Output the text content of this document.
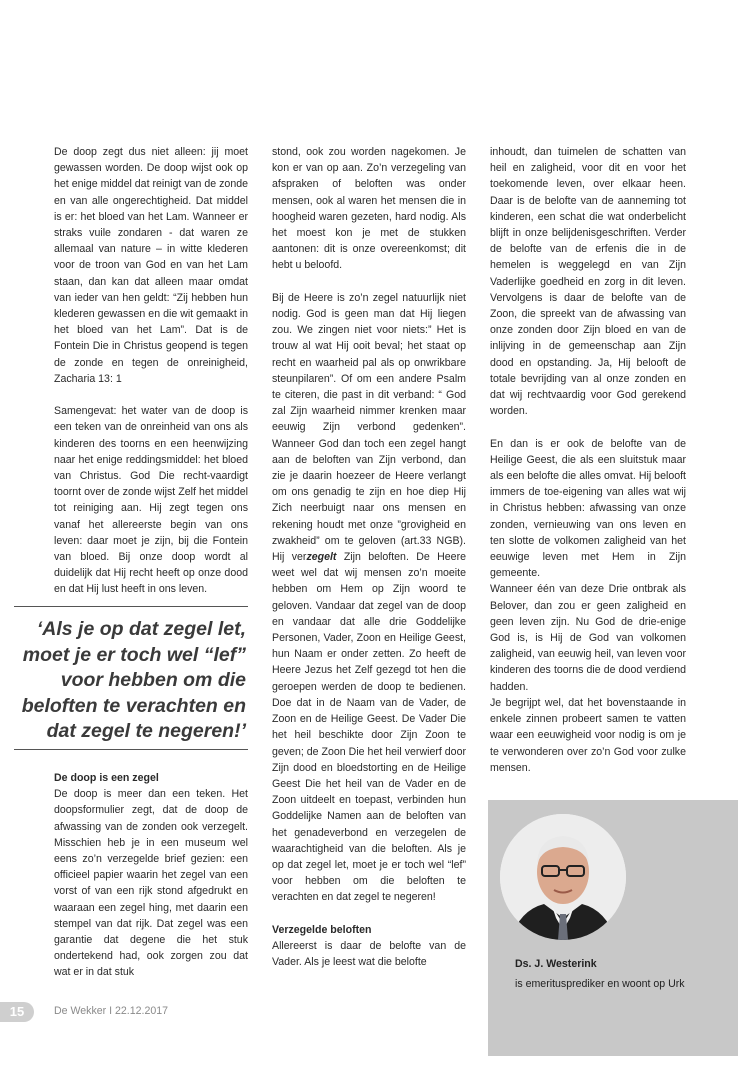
De doop zegt dus niet alleen: jij moet gewassen worden. De doop wijst ook op het enige middel dat reinigt van de zonde en van alle ongerechtigheid. Dat middel is er: het bloed van het Lam. Wanneer er straks vuile zondaren - dat waren ze allemaal van nature – in witte klederen voor de troon van God en van het Lam staan, dan kan dat alleen maar omdat van ieder van hen geldt: “Zij hebben hun klederen gewassen en die wit gemaakt in het bloed van het Lam”. Dat is de Fontein Die in Christus geopend is tegen de zonde en tegen de onreinigheid, Zacharia 13: 1

Samengevat: het water van de doop is een teken van de onreinheid van ons als kinderen des toorns en een heenwijzing naar het enige reddingsmiddel: het bloed van Christus. God Die recht-vaardigt toornt over de zonde wijst Zelf het middel tot reiniging aan. Hij zegt tegen ons vanaf het allereerste begin van ons leven: daar moet je zijn, bij die Fontein van bloed. Bij onze doop wordt al duidelijk dat Hij recht heeft op onze dood en dat Hij lust heeft in ons leven.

‘Als je op dat zegel let, moet je er toch wel “lef” voor hebben om die beloften te verachten en dat zegel te negeren!’

De doop is een zegel

De doop is meer dan een teken. Het doopsformulier zegt, dat de doop de afwassing van de zonden ook verzegelt. Misschien heb je in een museum wel eens zo’n verzegelde brief gezien: een officieel papier waarin het zegel van een vorst of van een rijk stond afgedrukt en waaraan een zegel hing, met daarin een stempel van dat rijk. Dat zegel was een garantie dat degene die het stuk ondertekend had, ook zorgen zou dat wat er in dat stuk

stond, ook zou worden nagekomen. Je kon er van op aan. Zo’n verzegeling van afspraken of beloften was onder mensen, ook al waren het mensen die in hoogheid waren gezeten, hard nodig. Als het moest kon je met de stukken aantonen: dit is onze overeenkomst; dit hebt u beloofd.

Bij de Heere is zo’n zegel natuurlijk niet nodig. God is geen man dat Hij liegen zou. We zingen niet voor niets:” Het is trouw al wat Hij ooit beval; het staat op recht en waarheid pal als op onwrikbare steunpilaren”. Of om een andere Psalm te citeren, die past in dit verband: “ God zal Zijn waarheid nimmer krenken maar eeuwig Zijn verbond gedenken”. Wanneer God dan toch een zegel hangt aan de beloften van Zijn verbond, dan zie je daarin hoezeer de Heere verlangt om ons genadig te zijn en hoe diep Hij Zich neerbuigt naar ons mensen en rekening houdt met onze ”grovigheid en zwakheid” om te geloven (art.33 NGB). Hij verzegelt Zijn beloften. De Heere weet wel dat wij mensen zo’n moeite hebben om Hem op Zijn woord te geloven. Vandaar dat zegel van de doop en vandaar dat alle drie Goddelijke Personen, Vader, Zoon en Heilige Geest, hun Naam er onder zetten. Zo heeft de Heere Jezus het Zelf gezegd tot hen die geroepen werden de doop te bedienen. Doe dat in de Naam van de Vader, de Zoon en de Heilige Geest. De Vader Die het heil beschikte door Zijn Zoon te geven; de Zoon Die het heil verwierf door Zijn dood en bloedstorting en de Heilige Geest Die het heil van de Vader en de Zoon uitdeelt en toepast, verbinden hun Goddelijke Namen aan de beloften van het genadeverbond en verzegelen de waarachtigheid van die beloften. Als je op dat zegel let, moet je er toch wel “lef” voor hebben om die beloften te verachten en dat zegel te negeren!

Verzegelde beloften

Allereerst is daar de belofte van de Vader. Als je leest wat die belofte

inhoudt, dan tuimelen de schatten van heil en zaligheid, voor dit en voor het toekomende leven, over elkaar heen. Daar is de belofte van de aanneming tot kinderen, een schat die wat onderbelicht blijft in onze belijdenisgeschriften. Verder de belofte van de erfenis die in de hemelen is weggelegd en van Zijn Vaderlijke goedheid en zorg in dit leven. Vervolgens is daar de belofte van de Zoon, die spreekt van de afwassing van onze zonden door Zijn bloed en van de inlijving in de gemeenschap aan Zijn dood en opstanding. Ja, Hij belooft de totale bevrijding van al onze zonden en dat wij rechtvaardig voor God gerekend worden.

En dan is er ook de belofte van de Heilige Geest, die als een sluitstuk maar als een belofte die alles omvat. Hij belooft immers de toe-eigening van alles wat wij in Christus hebben: afwassing van onze zonden, vernieuwing van ons leven en ten slotte de volkomen zaligheid van het eeuwige leven met Hem in Zijn gemeente.

Wanneer één van deze Drie ontbrak als Belover, dan zou er geen zaligheid en geen leven zijn. Nu God de drie-enige God is, is Hij de God van volkomen zaligheid, van eeuwig heil, van leven voor kinderen des toorns die de dood verdiend hadden.

Je begrijpt wel, dat het bovenstaande in enkele zinnen probeert samen te vatten waar een eeuwigheid voor nodig is om je te verwonderen over zo’n God voor zulke mensen.

Ds. J. Westerink
is emeritusprediker en woont op Urk
15	De Wekker I 22.12.2017
